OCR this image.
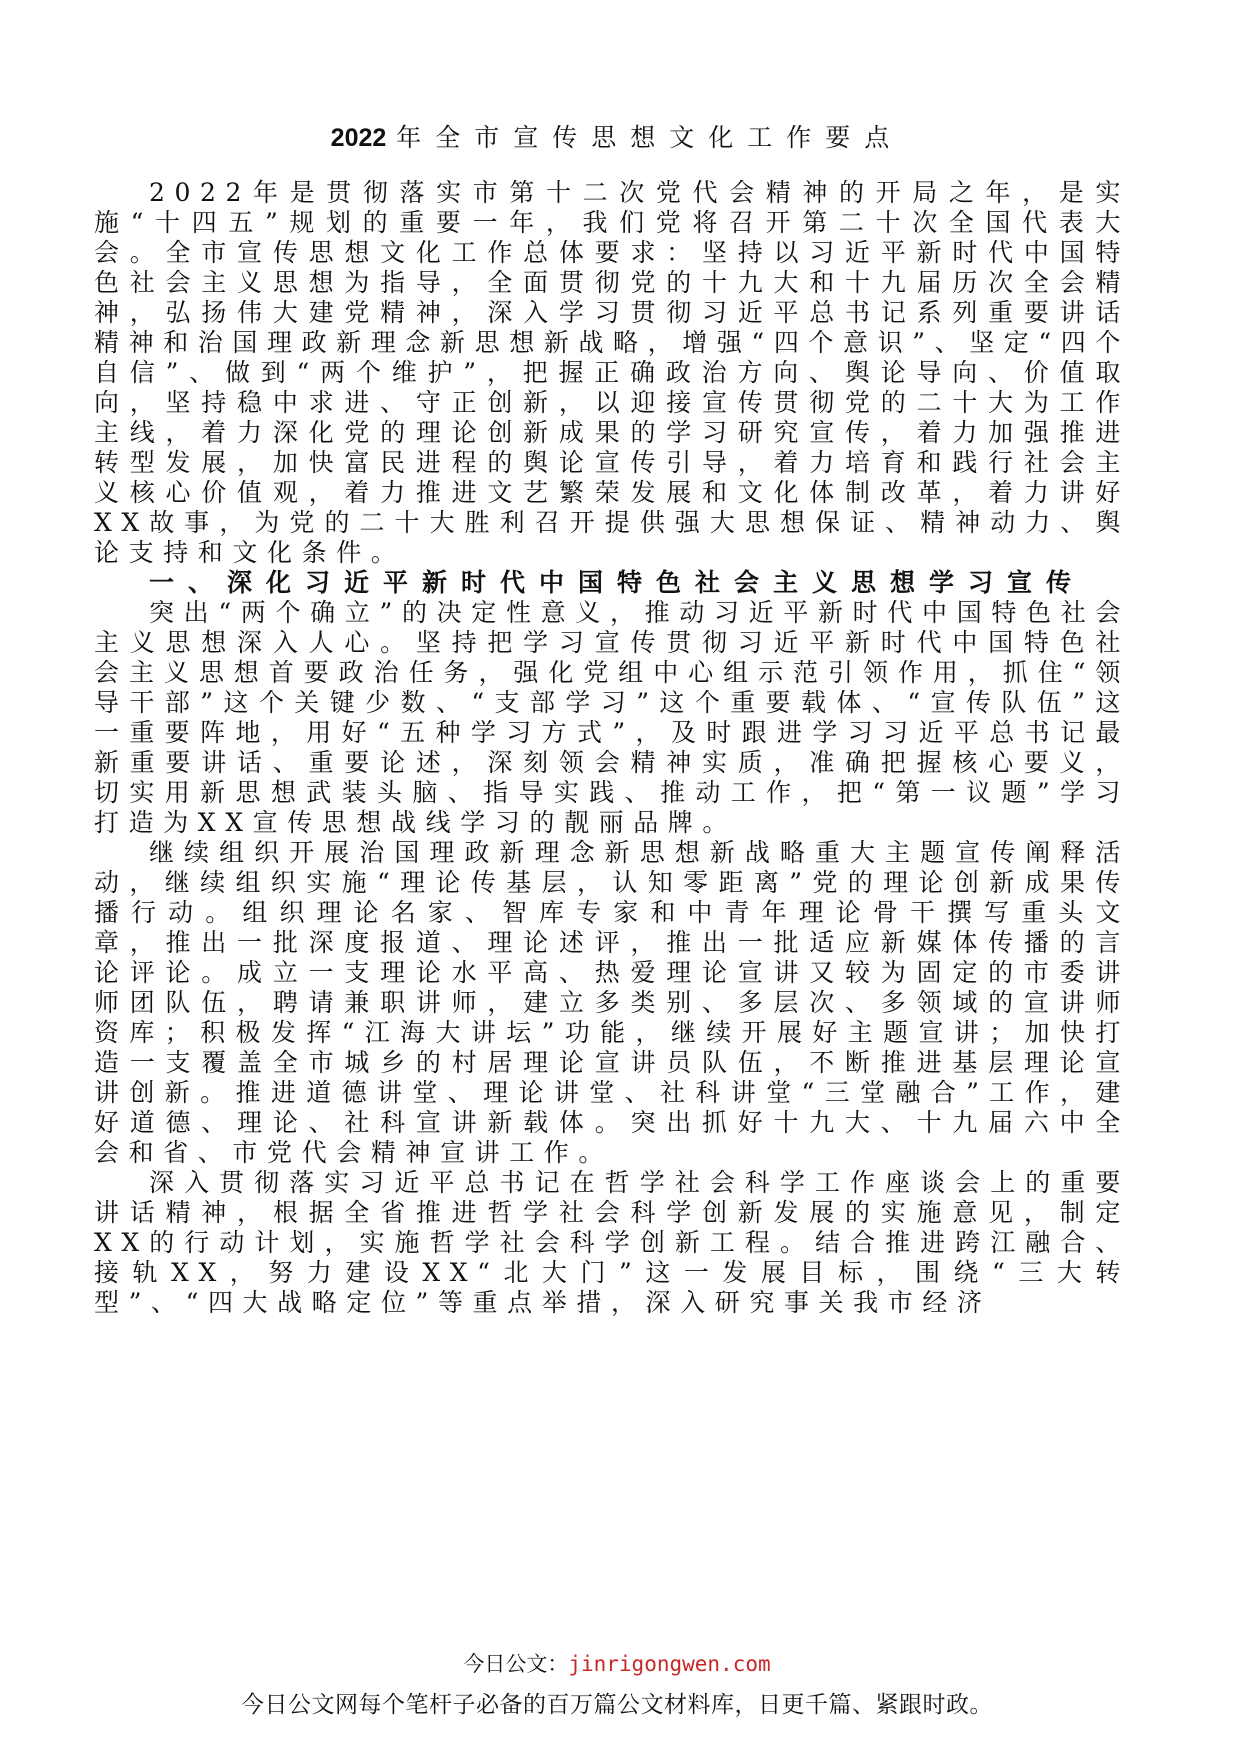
2022 年全市宣传思想文化工作要点

2022年是贯彻落实市第十二次党代会精神的开局之年，是实施“十四五”规划的重要一年，我们党将召开第二十次全国代表大会。全市宣传思想文化工作总体要求：坚持以习近平新时代中国特色社会主义思想为指导，全面贯彻党的十九大和十九届历次全会精神，弘扬伟大建党精神，深入学习贯彻习近平总书记系列重要讲话精神和治国理政新理念新思想新战略，增强“四个意识”、坚定“四个自信”、做到“两个维护”，把握正确政治方向、舆论导向、价值取向，坚持稳中求进、守正创新，以迎接宣传贯彻党的二十大为工作主线，着力深化党的理论创新成果的学习研究宣传，着力加强推进转型发展，加快富民进程的舆论宣传引导，着力培育和践行社会主义核心价值观，着力推进文艺繁荣发展和文化体制改革，着力讲好XX故事，为党的二十大胜利召开提供强大思想保证、精神动力、舆论支持和文化条件。

一、深化习近平新时代中国特色社会主义思想学习宣传

突出“两个确立”的决定性意义，推动习近平新时代中国特色社会主义思想深入人心。坚持把学习宣传贯彻习近平新时代中国特色社会主义思想首要政治任务，强化党组中心组示范引领作用，抓住“领导干部”这个关键少数、“支部学习”这个重要载体、“宣传队伍”这一重要阵地，用好“五种学习方式”，及时跟进学习习近平总书记最新重要讲话、重要论述，深刻领会精神实质，准确把握核心要义，切实用新思想武装头脑、指导实践、推动工作，把“第一议题”学习打造为XX宣传思想战线学习的靓丽品牌。

继续组织开展治国理政新理念新思想新战略重大主题宣传阐释活动，继续组织实施“理论传基层，认知零距离”党的理论创新成果传播行动。组织理论名家、智库专家和中青年理论骨干撰写重头文章，推出一批深度报道、理论述评，推出一批适应新媒体传播的言论评论。成立一支理论水平高、热爱理论宣讲又较为固定的市委讲师团队伍，聘请兼职讲师，建立多类别、多层次、多领域的宣讲师资库；积极发挥“江海大讲坛”功能，继续开展好主题宣讲；加快打造一支覆盖全市城乡的村居理论宣讲员队伍，不断推进基层理论宣讲创新。推进道德讲堂、理论讲堂、社科讲堂“三堂融合”工作，建好道德、理论、社科宣讲新载体。突出抓好十九大、十九届六中全会和省、市党代会精神宣讲工作。

深入贯彻落实习近平总书记在哲学社会科学工作座谈会上的重要讲话精神，根据全省推进哲学社会科学创新发展的实施意见，制定XX的行动计划，实施哲学社会科学创新工程。结合推进跨江融合、接轨XX，努力建设XX“北大门”这一发展目标，围绕“三大转型”、“四大战略定位”等重点举措，深入研究事关我市经济

今日公文：jinrigongwen.com
今日公文网每个笔杆子必备的百万篇公文材料库，日更千篇、紧跟时政。
